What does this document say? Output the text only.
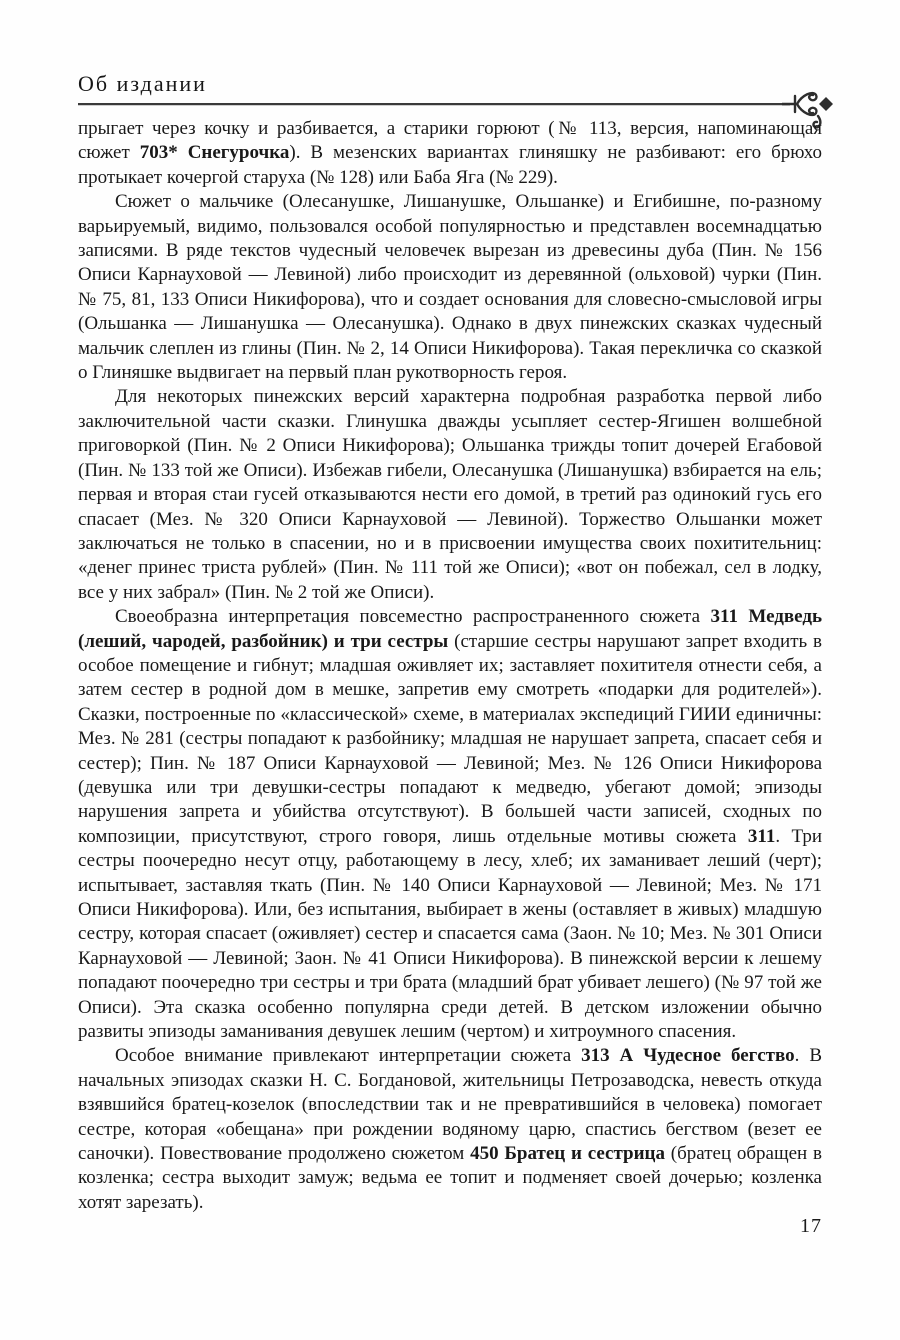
Об издании

прыгает через кочку и разбивается, а старики горюют (№ 113, версия, напоминающая сюжет 703* Снегурочка). В мезенских вариантах глиняшку не разбивают: его брюхо протыкает кочергой старуха (№ 128) или Баба Яга (№ 229).

Сюжет о мальчике (Олесанушке, Лишанушке, Ольшанке) и Егибишне, по-разному варьируемый, видимо, пользовался особой популярностью и представлен восемнадцатью записями. В ряде текстов чудесный человечек вырезан из древесины дуба (Пин. № 156 Описи Карнауховой — Левиной) либо происходит из деревянной (ольховой) чурки (Пин. № 75, 81, 133 Описи Никифорова), что и создает основания для словесно-смысловой игры (Ольшанка — Лишанушка — Олесанушка). Однако в двух пинежских сказках чудесный мальчик слеплен из глины (Пин. № 2, 14 Описи Никифорова). Такая перекличка со сказкой о Глиняшке выдвигает на первый план рукотворность героя.

Для некоторых пинежских версий характерна подробная разработка первой либо заключительной части сказки. Глинушка дважды усыпляет сестер-Ягишен волшебной приговоркой (Пин. № 2 Описи Никифорова); Ольшанка трижды топит дочерей Егабовой (Пин. № 133 той же Описи). Избежав гибели, Олесанушка (Лишанушка) взбирается на ель; первая и вторая стаи гусей отказываются нести его домой, в третий раз одинокий гусь его спасает (Мез. № 320 Описи Карнауховой — Левиной). Торжество Ольшанки может заключаться не только в спасении, но и в присвоении имущества своих похитительниц: «денег принес триста рублей» (Пин. № 111 той же Описи); «вот он побежал, сел в лодку, все у них забрал» (Пин. № 2 той же Описи).

Своеобразна интерпретация повсеместно распространенного сюжета 311 Медведь (леший, чародей, разбойник) и три сестры (старшие сестры нарушают запрет входить в особое помещение и гибнут; младшая оживляет их; заставляет похитителя отнести себя, а затем сестер в родной дом в мешке, запретив ему смотреть «подарки для родителей»). Сказки, построенные по «классической» схеме, в материалах экспедиций ГИИИ единичны: Мез. № 281 (сестры попадают к разбойнику; младшая не нарушает запрета, спасает себя и сестер); Пин. № 187 Описи Карнауховой — Левиной; Мез. № 126 Описи Никифорова (девушка или три девушки-сестры попадают к медведю, убегают домой; эпизоды нарушения запрета и убийства отсутствуют). В большей части записей, сходных по композиции, присутствуют, строго говоря, лишь отдельные мотивы сюжета 311. Три сестры поочередно несут отцу, работающему в лесу, хлеб; их заманивает леший (черт); испытывает, заставляя ткать (Пин. № 140 Описи Карнауховой — Левиной; Мез. № 171 Описи Никифорова). Или, без испытания, выбирает в жены (оставляет в живых) младшую сестру, которая спасает (оживляет) сестер и спасается сама (Заон. № 10; Мез. № 301 Описи Карнауховой — Левиной; Заон. № 41 Описи Никифорова). В пинежской версии к лешему попадают поочередно три сестры и три брата (младший брат убивает лешего) (№ 97 той же Описи). Эта сказка особенно популярна среди детей. В детском изложении обычно развиты эпизоды заманивания девушек лешим (чертом) и хитроумного спасения.

Особое внимание привлекают интерпретации сюжета 313 А Чудесное бегство. В начальных эпизодах сказки Н. С. Богдановой, жительницы Петрозаводска, невесть откуда взявшийся братец-козелок (впоследствии так и не превратившийся в человека) помогает сестре, которая «обещана» при рождении водяному царю, спастись бегством (везет ее саночки). Повествование продолжено сюжетом 450 Братец и сестрица (братец обращен в козленка; сестра выходит замуж; ведьма ее топит и подменяет своей дочерью; козленка хотят зарезать).

17
